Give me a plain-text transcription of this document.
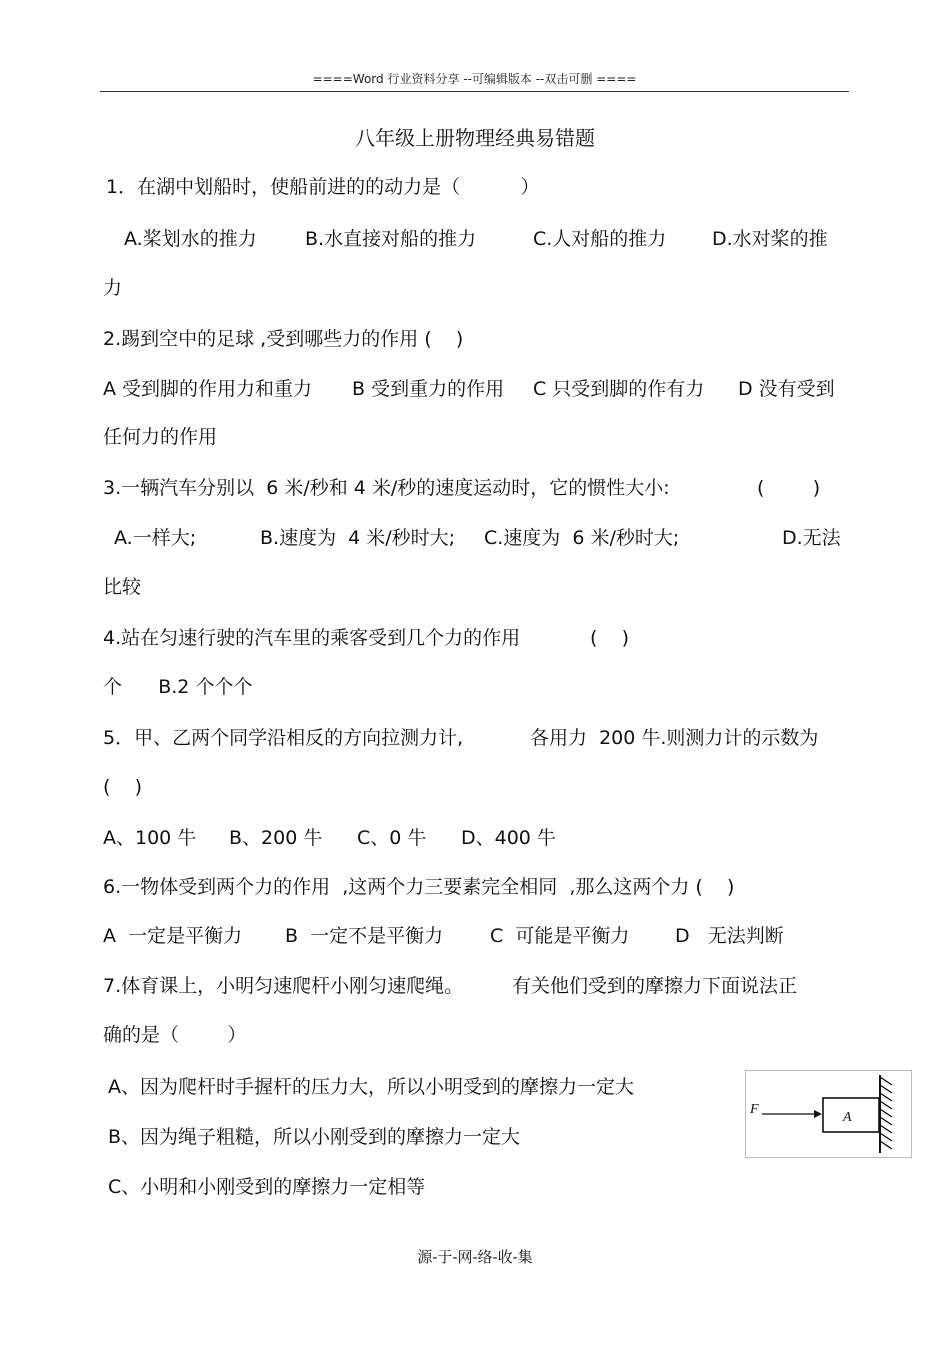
====Word 行业资料分享 --可编辑版本 --双击可删 ====
八年级上册物理经典易错题
1．在湖中划船时，使船前进的的动力是（          ）
A.桨划水的推力	B.水直接对船的推力	C.人对船的推力 D.水对桨的推
力
2.踢到空中的足球 ,受到哪些力的作用 (    )
A 受到脚的作用力和重力 B 受到重力的作用 C 只受到脚的作有力 D 没有受到
任何力的作用
3.一辆汽车分别以  6 米/秒和 4 米/秒的速度运动时，它的惯性大小:	(        )
A.一样大;	B.速度为  4 米/秒时大; C.速度为  6 米/秒时大;	D.无法
比较
4.站在匀速行驶的汽车里的乘客受到几个力的作用	(    )
个      B.2 个个个
5．甲、乙两个同学沿相反的方向拉测力计,	各用力  200 牛.则测力计的示数为
(    )
A、100 牛 B、200 牛 C、0 牛 D、400 牛
6.一物体受到两个力的作用  ,这两个力三要素完全相同  ,那么这两个力 (    )
A  一定是平衡力 B  一定不是平衡力 C  可能是平衡力 D   无法判断
7.体育课上，小明匀速爬杆小刚匀速爬绳。	有关他们受到的摩擦力下面说法正
确的是（        ）
A、因为爬杆时手握杆的压力大，所以小明受到的摩擦力一定大
B、因为绳子粗糙，所以小刚受到的摩擦力一定大
C、小明和小刚受到的摩擦力一定相等
F
A
源-于-网-络-收-集
